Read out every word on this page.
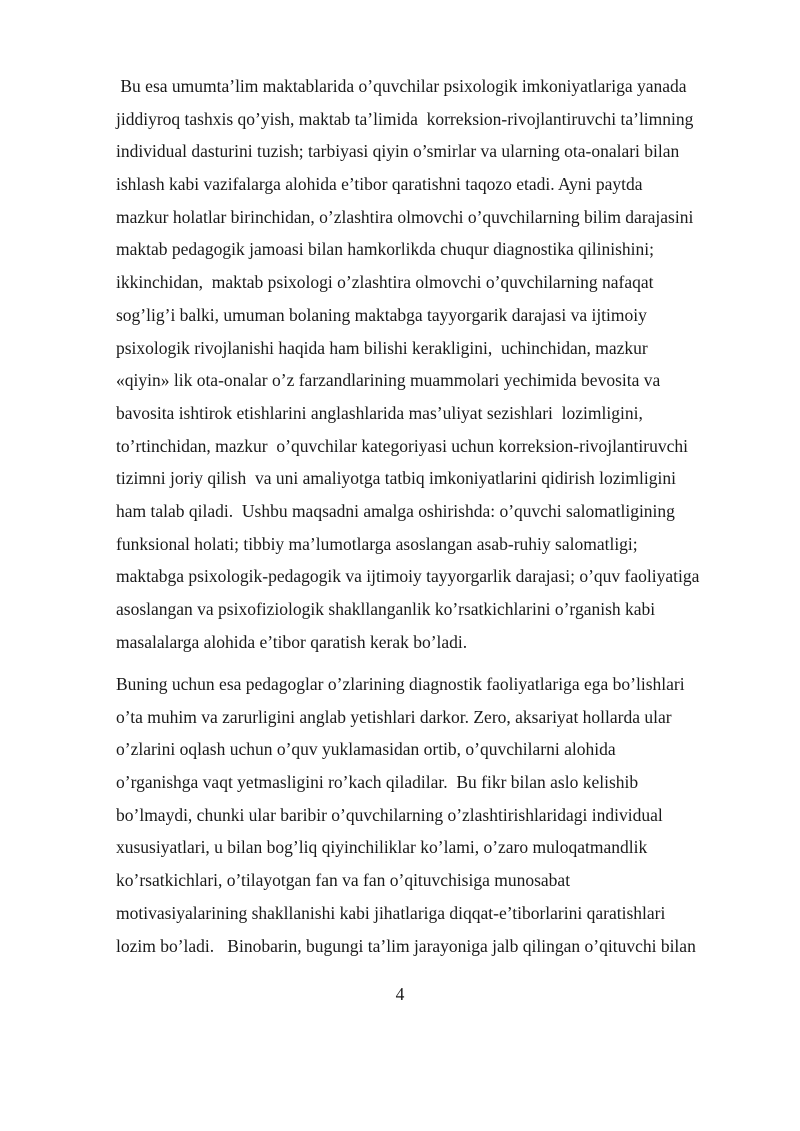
Bu esa umumta’lim maktablarida o’quvchilar psixologik imkoniyatlariga yanada
jiddiyroq tashxis qo’yish, maktab ta’limida  korreksion-rivojlantiruvchi ta’limning
individual dasturini tuzish; tarbiyasi qiyin o’smirlar va ularning ota-onalari bilan
ishlash kabi vazifalarga alohida e’tibor qaratishni taqozo etadi. Ayni paytda
mazkur holatlar birinchidan, o’zlashtira olmovchi o’quvchilarning bilim darajasini
maktab pedagogik jamoasi bilan hamkorlikda chuqur diagnostika qilinishini;
ikkinchidan,  maktab psixologi o’zlashtira olmovchi o’quvchilarning nafaqat
sog’lig’i balki, umuman bolaning maktabga tayyorgarik darajasi va ijtimoiy
psixologik rivojlanishi haqida ham bilishi kerakligini,  uchinchidan, mazkur
«qiyin» lik ota-onalar o’z farzandlarining muammolari yechimida bevosita va
bavosita ishtirok etishlarini anglashlarida mas’uliyat sezishlari  lozimligini,
to’rtinchidan, mazkur  o’quvchilar kategoriyasi uchun korreksion-rivojlantiruvchi
tizimni joriy qilish  va uni amaliyotga tatbiq imkoniyatlarini qidirish lozimligini
ham talab qiladi.  Ushbu maqsadni amalga oshirishda: o’quvchi salomatligining
funksional holati; tibbiy ma’lumotlarga asoslangan asab-ruhiy salomatligi;
maktabga psixologik-pedagogik va ijtimoiy tayyorgarlik darajasi; o’quv faoliyatiga
asoslangan va psixofiziologik shakllanganlik ko’rsatkichlarini o’rganish kabi
masalalarga alohida e’tibor qaratish kerak bo’ladi.
Buning uchun esa pedagoglar o’zlarining diagnostik faoliyatlariga ega bo’lishlari
o’ta muhim va zarurligini anglab yetishlari darkor. Zero, aksariyat hollarda ular
o’zlarini oqlash uchun o’quv yuklamasidan ortib, o’quvchilarni alohida
o’rganishga vaqt yetmasligini ro’kach qiladilar.  Bu fikr bilan aslo kelishib
bo’lmaydi, chunki ular baribir o’quvchilarning o’zlashtirishlaridagi individual
xususiyatlari, u bilan bog’liq qiyinchiliklar ko’lami, o’zaro muloqatmandlik
ko’rsatkichlari, o’tilayotgan fan va fan o’qituvchisiga munosabat
motivasiyalarining shakllanishi kabi jihatlariga diqqat-e’tiborlarini qaratishlari
lozim bo’ladi.   Binobarin, bugungi ta’lim jarayoniga jalb qilingan o’qituvchi bilan
4
